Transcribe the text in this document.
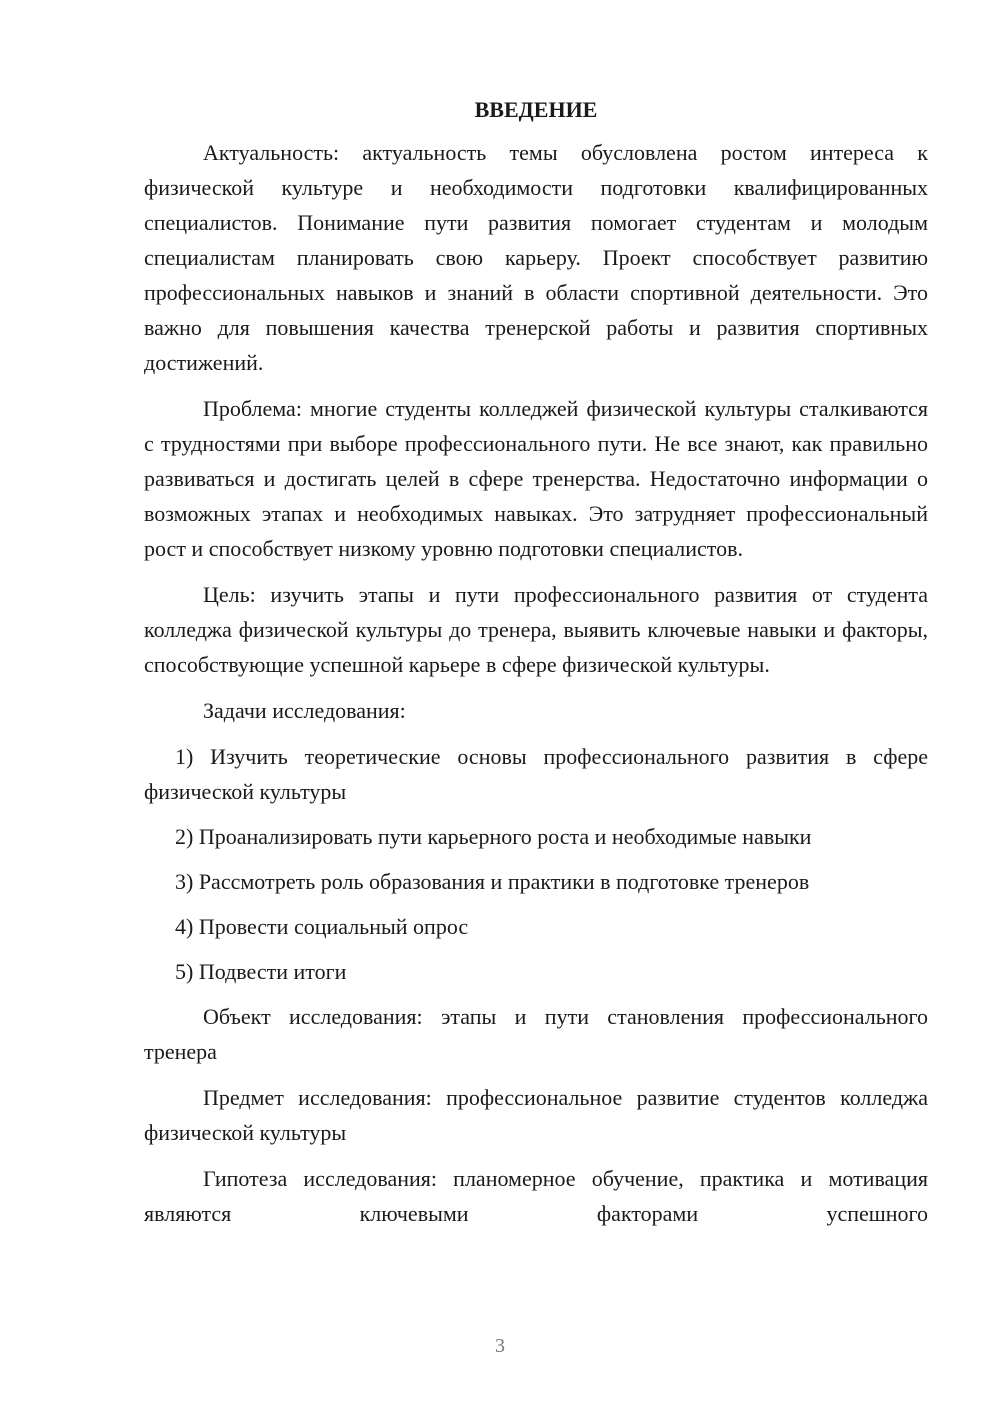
ВВЕДЕНИЕ

Актуальность: актуальность темы обусловлена ростом интереса к физической культуре и необходимости подготовки квалифицированных специалистов. Понимание пути развития помогает студентам и молодым специалистам планировать свою карьеру. Проект способствует развитию профессиональных навыков и знаний в области спортивной деятельности. Это важно для повышения качества тренерской работы и развития спортивных достижений.

Проблема: многие студенты колледжей физической культуры сталкиваются с трудностями при выборе профессионального пути. Не все знают, как правильно развиваться и достигать целей в сфере тренерства. Недостаточно информации о возможных этапах и необходимых навыках. Это затрудняет профессиональный рост и способствует низкому уровню подготовки специалистов.

Цель: изучить этапы и пути профессионального развития от студента колледжа физической культуры до тренера, выявить ключевые навыки и факторы, способствующие успешной карьере в сфере физической культуры.

Задачи исследования:

1) Изучить теоретические основы профессионального развития в сфере физической культуры

2) Проанализировать пути карьерного роста и необходимые навыки

3) Рассмотреть роль образования и практики в подготовке тренеров

4) Провести социальный опрос

5) Подвести итоги

Объект исследования: этапы и пути становления профессионального тренера

Предмет исследования: профессиональное развитие студентов колледжа физической культуры

Гипотеза исследования: планомерное обучение, практика и мотивация являются ключевыми факторами успешного

3
